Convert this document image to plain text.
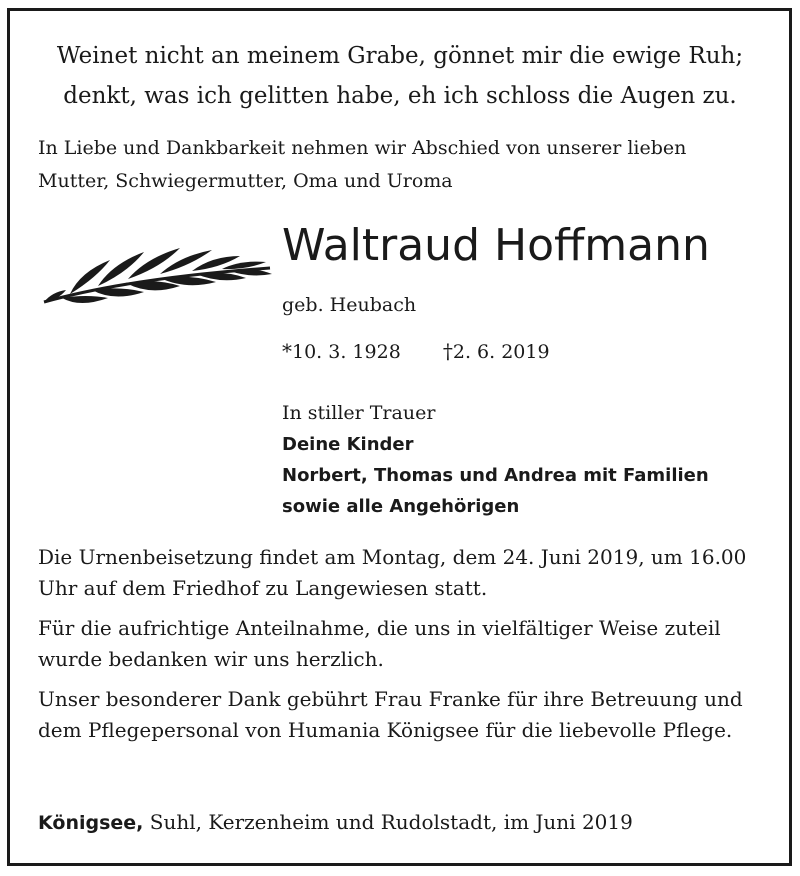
Weinet nicht an meinem Grabe, gönnet mir die ewige Ruh;
denkt, was ich gelitten habe, eh ich schloss die Augen zu.
In Liebe und Dankbarkeit nehmen wir Abschied von unserer lieben
Mutter, Schwiegermutter, Oma und Uroma
Waltraud Hoffmann
geb. Heubach
*10. 3. 1928 †2. 6. 2019
In stiller Trauer
Deine Kinder
Norbert, Thomas und Andrea mit Familien
sowie alle Angehörigen

Die Urnenbeisetzung findet am Montag, dem 24. Juni 2019, um 16.00 Uhr auf dem Friedhof zu Langewiesen statt.

Für die aufrichtige Anteilnahme, die uns in vielfältiger Weise zuteil wurde bedanken wir uns herzlich.

Unser besonderer Dank gebührt Frau Franke für ihre Betreuung und dem Pflegepersonal von Humania Königsee für die liebevolle Pflege.

Königsee, Suhl, Kerzenheim und Rudolstadt, im Juni 2019
